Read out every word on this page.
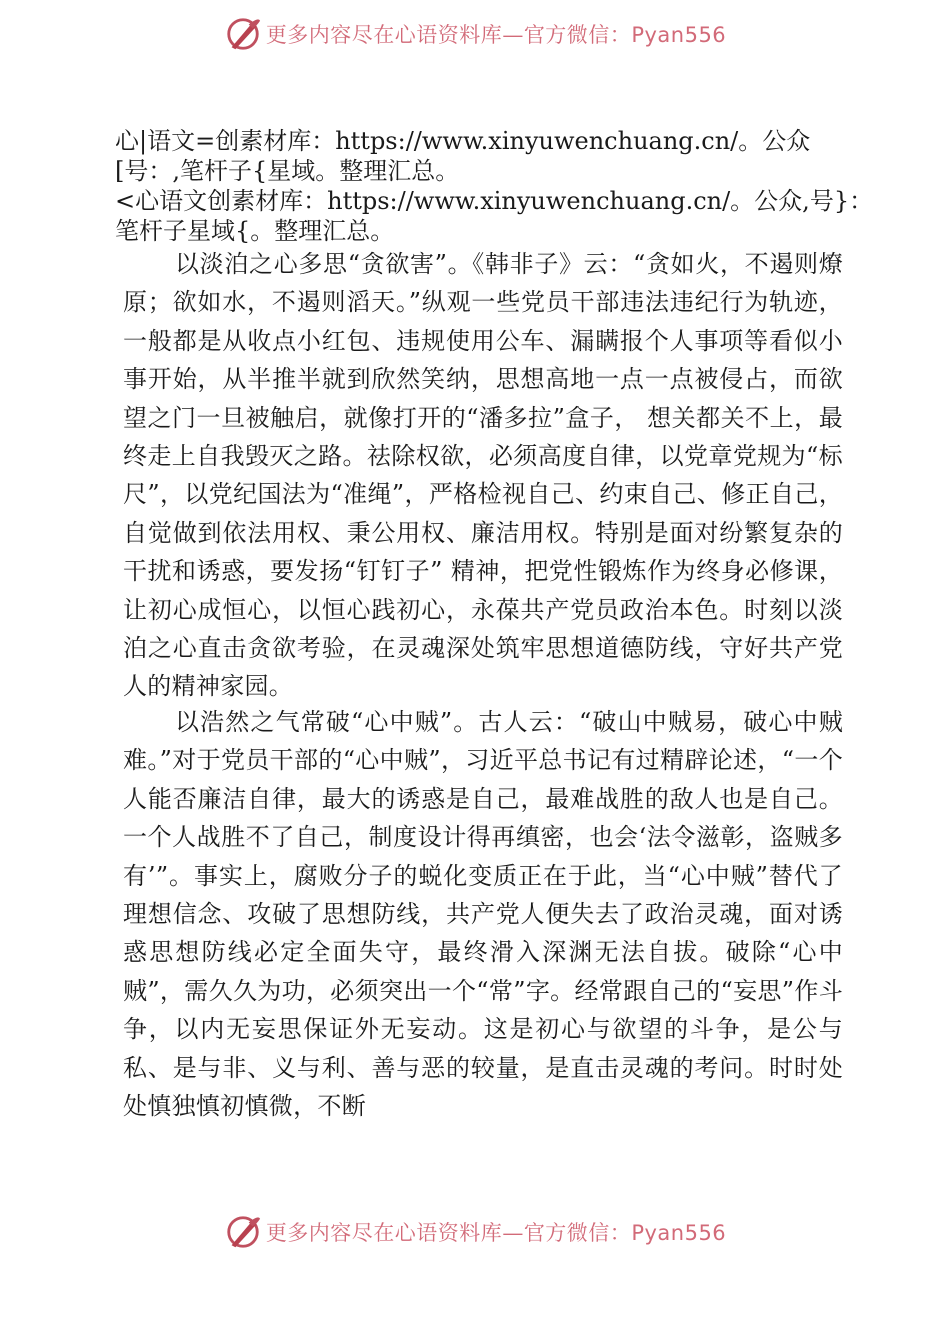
更多内容尽在心语资料库—官方微信：Pyan556
心|语文=创素材库：https://www.xinyuwenchuang.cn/。公众
[号：,笔杆子{星域。整理汇总。
<心语文创素材库：https://www.xinyuwenchuang.cn/。公众,号}：
笔杆子星域{。整理汇总。

以淡泊之心多思“贪欲害”。《韩非子》云：“贪如火，不遏则燎原；欲如水，不遏则滔天。”纵观一些党员干部违法违纪行为轨迹，一般都是从收点小红包、违规使用公车、漏瞒报个人事项等看似小事开始，从半推半就到欣然笑纳，思想高地一点一点被侵占，而欲望之门一旦被触启，就像打开的“潘多拉”盒子， 想关都关不上，最终走上自我毁灭之路。祛除权欲，必须高度自律，以党章党规为“标尺”，以党纪国法为“准绳”，严格检视自己、约束自己、修正自己，自觉做到依法用权、秉公用权、廉洁用权。特别是面对纷繁复杂的干扰和诱惑，要发扬“钉钉子” 精神，把党性锻炼作为终身必修课，让初心成恒心，以恒心践初心，永葆共产党员政治本色。时刻以淡泊之心直击贪欲考验，在灵魂深处筑牢思想道德防线，守好共产党人的精神家园。

以浩然之气常破“心中贼”。古人云：“破山中贼易，破心中贼难。”对于党员干部的“心中贼”，习近平总书记有过精辟论述，“一个人能否廉洁自律，最大的诱惑是自己，最难战胜的敌人也是自己。一个人战胜不了自己，制度设计得再缜密，也会‘法令滋彰，盗贼多有’”。事实上，腐败分子的蜕化变质正在于此，当“心中贼”替代了理想信念、攻破了思想防线，共产党人便失去了政治灵魂，面对诱惑思想防线必定全面失守，最终滑入深渊无法自拔。破除“心中贼”，需久久为功，必须突出一个“常”字。经常跟自己的“妄思”作斗争，以内无妄思保证外无妄动。这是初心与欲望的斗争，是公与私、是与非、义与利、善与恶的较量，是直击灵魂的考问。时时处处慎独慎初慎微，不断

更多内容尽在心语资料库—官方微信：Pyan556
